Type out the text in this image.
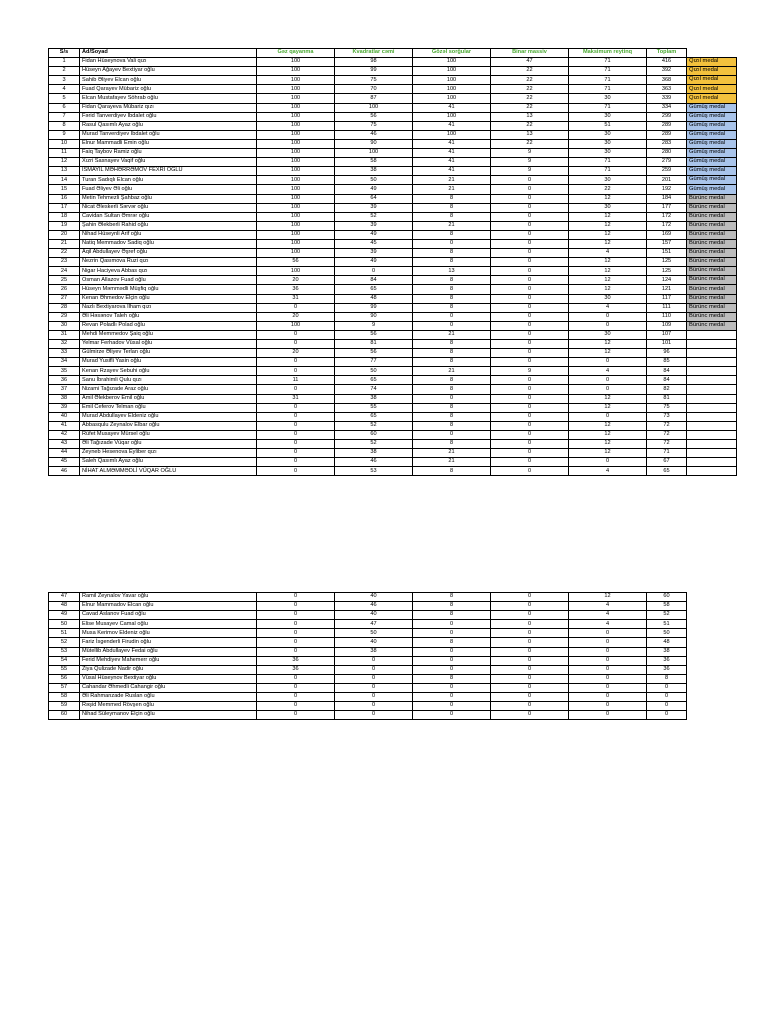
S/s	Ad/Soyad	Gəz qayanma	Kvadratlar cəmi	Gözəl sorğular	Binar massiv	Maksimum reytinq	Toplam	
1	Fidan Hüseynova Vali qızı	100	98	100	47	71	416	Qızıl medal
2	Hüseyn Ağayev Bextiyar oğlu	100	99	100	22	71	392	Qızıl medal
3	Sahib Əliyev Elcan oğlu	100	75	100	22	71	368	Qızıl medal
4	Fuad Qarayev Mübariz oğlu	100	70	100	22	71	363	Qızıl medal
5	Elcan Mustafayev Söhrab oğlu	100	87	100	22	30	339	Qızıl medal
6	Fidan Qarayeva Mübariz qızı	100	100	41	22	71	334	Gümüş medal
7	Fərid Tanverdiyev İbdalet oğlu	100	56	100	13	30	299	Gümüş medal
8	Rasul Qasımlı Ayaz oğlu	100	75	41	22	51	289	Gümüş medal
9	Murad Tanverdiyev İbdalet oğlu	100	46	100	13	30	289	Gümüş medal
10	Elnur Mammadli Emin oğlu	100	90	41	22	30	283	Gümüş medal
11	Faiq Taybov Ramiz oğlu	100	100	41	9	30	280	Gümüş medal
12	Xızri Sasnayev Vaqif oğlu	100	58	41	9	71	279	Gümüş medal
13	İSMAYIL MƏHƏRRƏMOV FEXRİ OĞLU	100	38	41	9	71	259	Gümüş medal
14	Turan Sadıqlı Elcan oğlu	100	50	21	0	30	201	Gümüş medal
15	Fuad Əliyev Əli oğlu	100	49	21	0	22	192	Gümüş medal
16	Metin Tehmezli Şahbaz oğlu	100	64	8	0	12	184	Bürünc medal
17	Nicat Əleskerli Sərvər oğlu	100	39	8	0	30	177	Bürünc medal
18	Cavidan Sultan Əmrər oğlu	100	52	8	0	12	172	Bürünc medal
19	Şahin Əlekberli Rahid oğlu	100	39	21	0	12	172	Bürünc medal
20	Nihad Hüseynli Arif oğlu	100	49	8	0	12	169	Bürünc medal
21	Natiq Memmadov Sadiq oğlu	100	45	0	0	12	157	Bürünc medal
22	Aqil Abdullayev Əşref oğlu	100	39	8	0	4	151	Bürünc medal
23	Nezrin Qasımova Ruzi qızı	56	49	8	0	12	125	Bürünc medal
24	Nigar Haciyeva Abbas qızı	100	0	13	0	12	125	Bürünc medal
25	Osman Allazov Fuad oğlu	20	84	8	0	12	124	Bürünc medal
26	Hüseyn Məmmədli Müşfiq oğlu	36	65	8	0	12	121	Bürünc medal
27	Kenan Əhmedov Elçin oğlu	31	48	8	0	30	117	Bürünc medal
28	Nazlı Bextiyarova İlham qızı	0	99	8	0	4	111	Bürünc medal
29	Əli Həsənov Taleh oğlu	20	90	0	0	0	110	Bürünc medal
30	Revan Poladlı Polad oğlu	100	9	0	0	0	109	Bürünc medal
31	Mehdi Memmedov Şaiq oğlu	0	56	21	0	30	107	
32	Yelmar Ferhadov Vüsal oğlu	0	81	8	0	12	101	
33	Gülmirze Əliyev Terlan oğlu	20	56	8	0	12	96	
34	Murad Yusifli Yasin oğlu	0	77	8	0	0	85	
35	Kenan Rzayev Sebuhi oğlu	0	50	21	9	4	84	
36	Sanu İbrahimli Qulu qızı	11	65	8	0	0	84	
37	Nizami Tağızade Araz oğlu	0	74	8	0	0	82	
38	Amil Əlekberov Emil oğlu	31	38	0	0	12	81	
39	Emil Ceferov Telman oğlu	0	55	8	0	12	75	
40	Murad Abdullayev Eldeniz oğlu	0	65	8	0	0	73	
41	Abbasqulu Zeynalov Elbar oğlu	0	52	8	0	12	72	
42	Rüfet Musayev Mürsel oğlu	0	60	0	0	12	72	
43	Əli Tağızade Vüqar oğlu	0	52	8	0	12	72	
44	Zeyneb Hesenova Eyliber qızı	0	38	21	0	12	71	
45	Saleh Qasımlı Ayaz oğlu	0	46	21	0	0	67	
46	NİHAT ALMƏMMƏDLİ VÜQAR OĞLU	0	53	8	0	4	65	
47	Ramil Zeynalov Yavar oğlu	0	40	8	0	12	60
48	Elnur Mammadov Elcan oğlu	0	46	8	0	4	58
49	Cavad Aslanov Fuad oğlu	0	40	8	0	4	52
50	Elise Musayev Camal oğlu	0	47	0	0	4	51
51	Musa Kerimov Eldeniz oğlu	0	50	0	0	0	50
52	Fariz İsgenderli Firudin oğlu	0	40	8	0	0	48
53	Mütellib Abdullayev Fedai oğlu	0	38	0	0	0	38
54	Ferid Mehdiyev Mahemerr oğlu	36	0	0	0	0	36
55	Ziya Qulizade Nadir oğlu	36	0	0	0	0	36
56	Vüsal Hüseynov Bextiyar oğlu	0	0	8	0	0	8
57	Cahandar Əhmedli Cahangir oğlu	0	0	0	0	0	0
58	Əli Rahmanzade Ruslan oğlu	0	0	0	0	0	0
59	Rəşid Memmed Rövşen oğlu	0	0	0	0	0	0
60	Nihad Süleymanov Elçin oğlu	0	0	0	0	0	0
